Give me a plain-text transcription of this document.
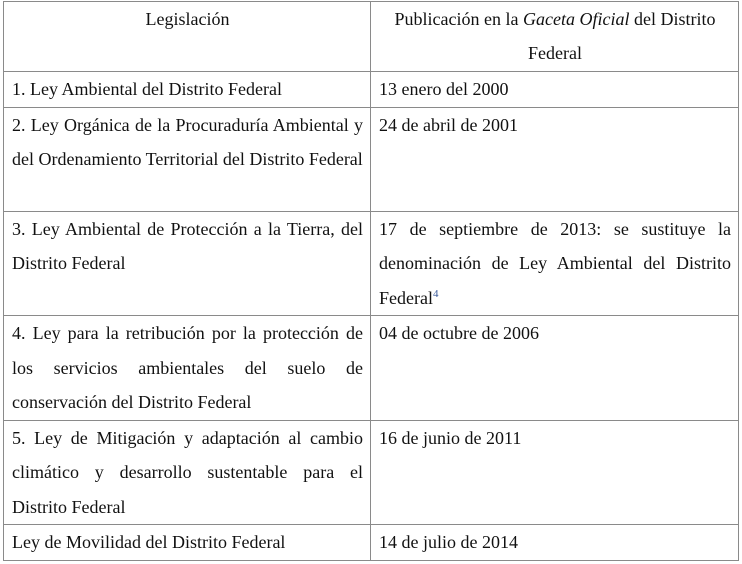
Legislación	Publicación en la Gaceta Oficial del Distrito Federal
1. Ley Ambiental del Distrito Federal	13 enero del 2000
2. Ley Orgánica de la Procuraduría Ambiental y del Ordenamiento Territorial del Distrito Federal	24 de abril de 2001
3. Ley Ambiental de Protección a la Tierra, del Distrito Federal	17 de septiembre de 2013: se sustituye la denominación de Ley Ambiental del Distrito Federal$^4$
4. Ley para la retribución por la protección de los servicios ambientales del suelo de conservación del Distrito Federal	04 de octubre de 2006
5. Ley de Mitigación y adaptación al cambio climático y desarrollo sustentable para el Distrito Federal	16 de junio de 2011
Ley de Movilidad del Distrito Federal	14 de julio de 2014
